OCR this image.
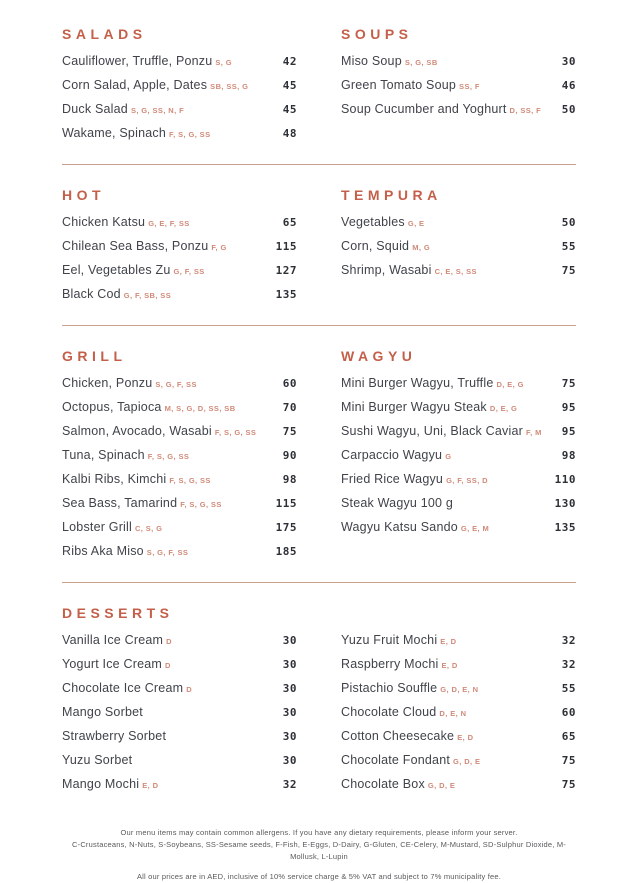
SALADS
Cauliflower, Truffle, Ponzu S, G	42
Corn Salad, Apple, Dates SB, SS, G	45
Duck Salad S, G, SS, N, F	45
Wakame, Spinach F, S, G, SS	48
SOUPS
Miso Soup S, G, SB	30
Green Tomato Soup SS, F	46
Soup Cucumber and Yoghurt D, SS, F	50
HOT
Chicken Katsu G, E, F, SS	65
Chilean Sea Bass, Ponzu F, G	115
Eel, Vegetables Zu G, F, SS	127
Black Cod G, F, SB, SS	135
TEMPURA
Vegetables G, E	50
Corn, Squid M, G	55
Shrimp, Wasabi C, E, S, SS	75
GRILL
Chicken, Ponzu S, G, F, SS	60
Octopus, Tapioca M, S, G, D, SS, SB	70
Salmon, Avocado, Wasabi F, S, G, SS	75
Tuna, Spinach F, S, G, SS	90
Kalbi Ribs, Kimchi F, S, G, SS	98
Sea Bass, Tamarind F, S, G, SS	115
Lobster Grill C, S, G	175
Ribs Aka Miso S, G, F, SS	185
WAGYU
Mini Burger Wagyu, Truffle D, E, G	75
Mini Burger Wagyu Steak D, E, G	95
Sushi Wagyu, Uni, Black Caviar F, M	95
Carpaccio Wagyu G	98
Fried Rice Wagyu G, F, SS, D	110
Steak Wagyu 100 g	130
Wagyu Katsu Sando G, E, M	135
DESSERTS
Vanilla Ice Cream D	30
Yogurt Ice Cream D	30
Chocolate Ice Cream D	30
Mango Sorbet	30
Strawberry Sorbet	30
Yuzu Sorbet	30
Mango Mochi E, D	32
Yuzu Fruit Mochi E, D	32
Raspberry Mochi E, D	32
Pistachio Souffle G, D, E, N	55
Chocolate Cloud D, E, N	60
Cotton Cheesecake E, D	65
Chocolate Fondant G, D, E	75
Chocolate Box G, D, E	75
Our menu items may contain common allergens. If you have any dietary requirements, please inform your server.
C-Crustaceans, N-Nuts, S-Soybeans, SS-Sesame seeds, F-Fish, E-Eggs, D-Dairy, G-Gluten, CE-Celery, M-Mustard, SD-Sulphur Dioxide, M-Mollusk, L-Lupin
All our prices are in AED, inclusive of 10% service charge & 5% VAT and subject to 7% municipality fee.
